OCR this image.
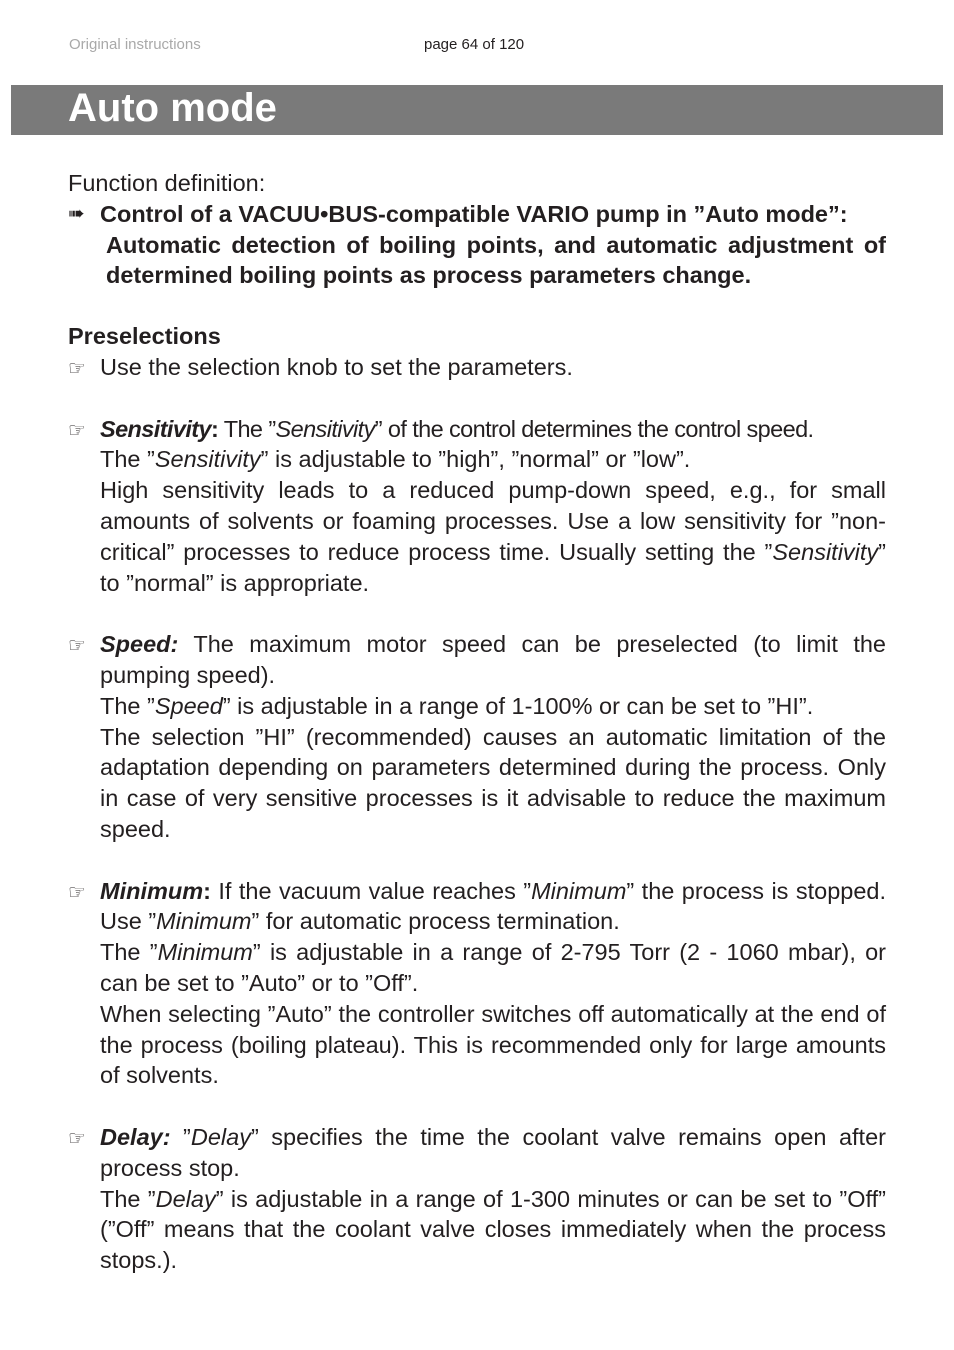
Original instructions	page 64 of 120
Auto mode

Function definition:

➠ Control of a VACUU•BUS-compatible VARIO pump in ”Auto mode”:

Automatic detection of boiling points, and automatic adjustment of determined boiling points as process parameters change.

Preselections

☞ Use the selection knob to set the parameters.

☞ Sensitivity: The ”Sensitivity” of the control determines the control speed.

The ”Sensitivity” is adjustable to ”high”, ”normal” or ”low”.

High sensitivity leads to a reduced pump-down speed, e.g., for small amounts of solvents or foaming processes. Use a low sensitivity for ”non-critical” processes to reduce process time. Usually setting the ”Sensitivity” to ”normal” is appropriate.

☞ Speed: The maximum motor speed can be preselected (to limit the pumping speed).

The ”Speed” is adjustable in a range of 1-100% or can be set to ”HI”.

The selection ”HI” (recommended) causes an automatic limitation of the adaptation depending on parameters determined during the process. Only in case of very sensitive processes is it advisable to reduce the maximum speed.

☞ Minimum: If the vacuum value reaches ”Minimum” the process is stopped. Use ”Minimum” for automatic process termination.

The ”Minimum” is adjustable in a range of 2-795 Torr (2 - 1060 mbar), or can be set to ”Auto” or to ”Off”.

When selecting ”Auto” the controller switches off automatically at the end of the process (boiling plateau). This is recommended only for large amounts of solvents.

☞ Delay: ”Delay” specifies the time the coolant valve remains open after process stop.

The ”Delay” is adjustable in a range of 1-300 minutes or can be set to ”Off” (”Off” means that the coolant valve closes immediately when the process stops.).
